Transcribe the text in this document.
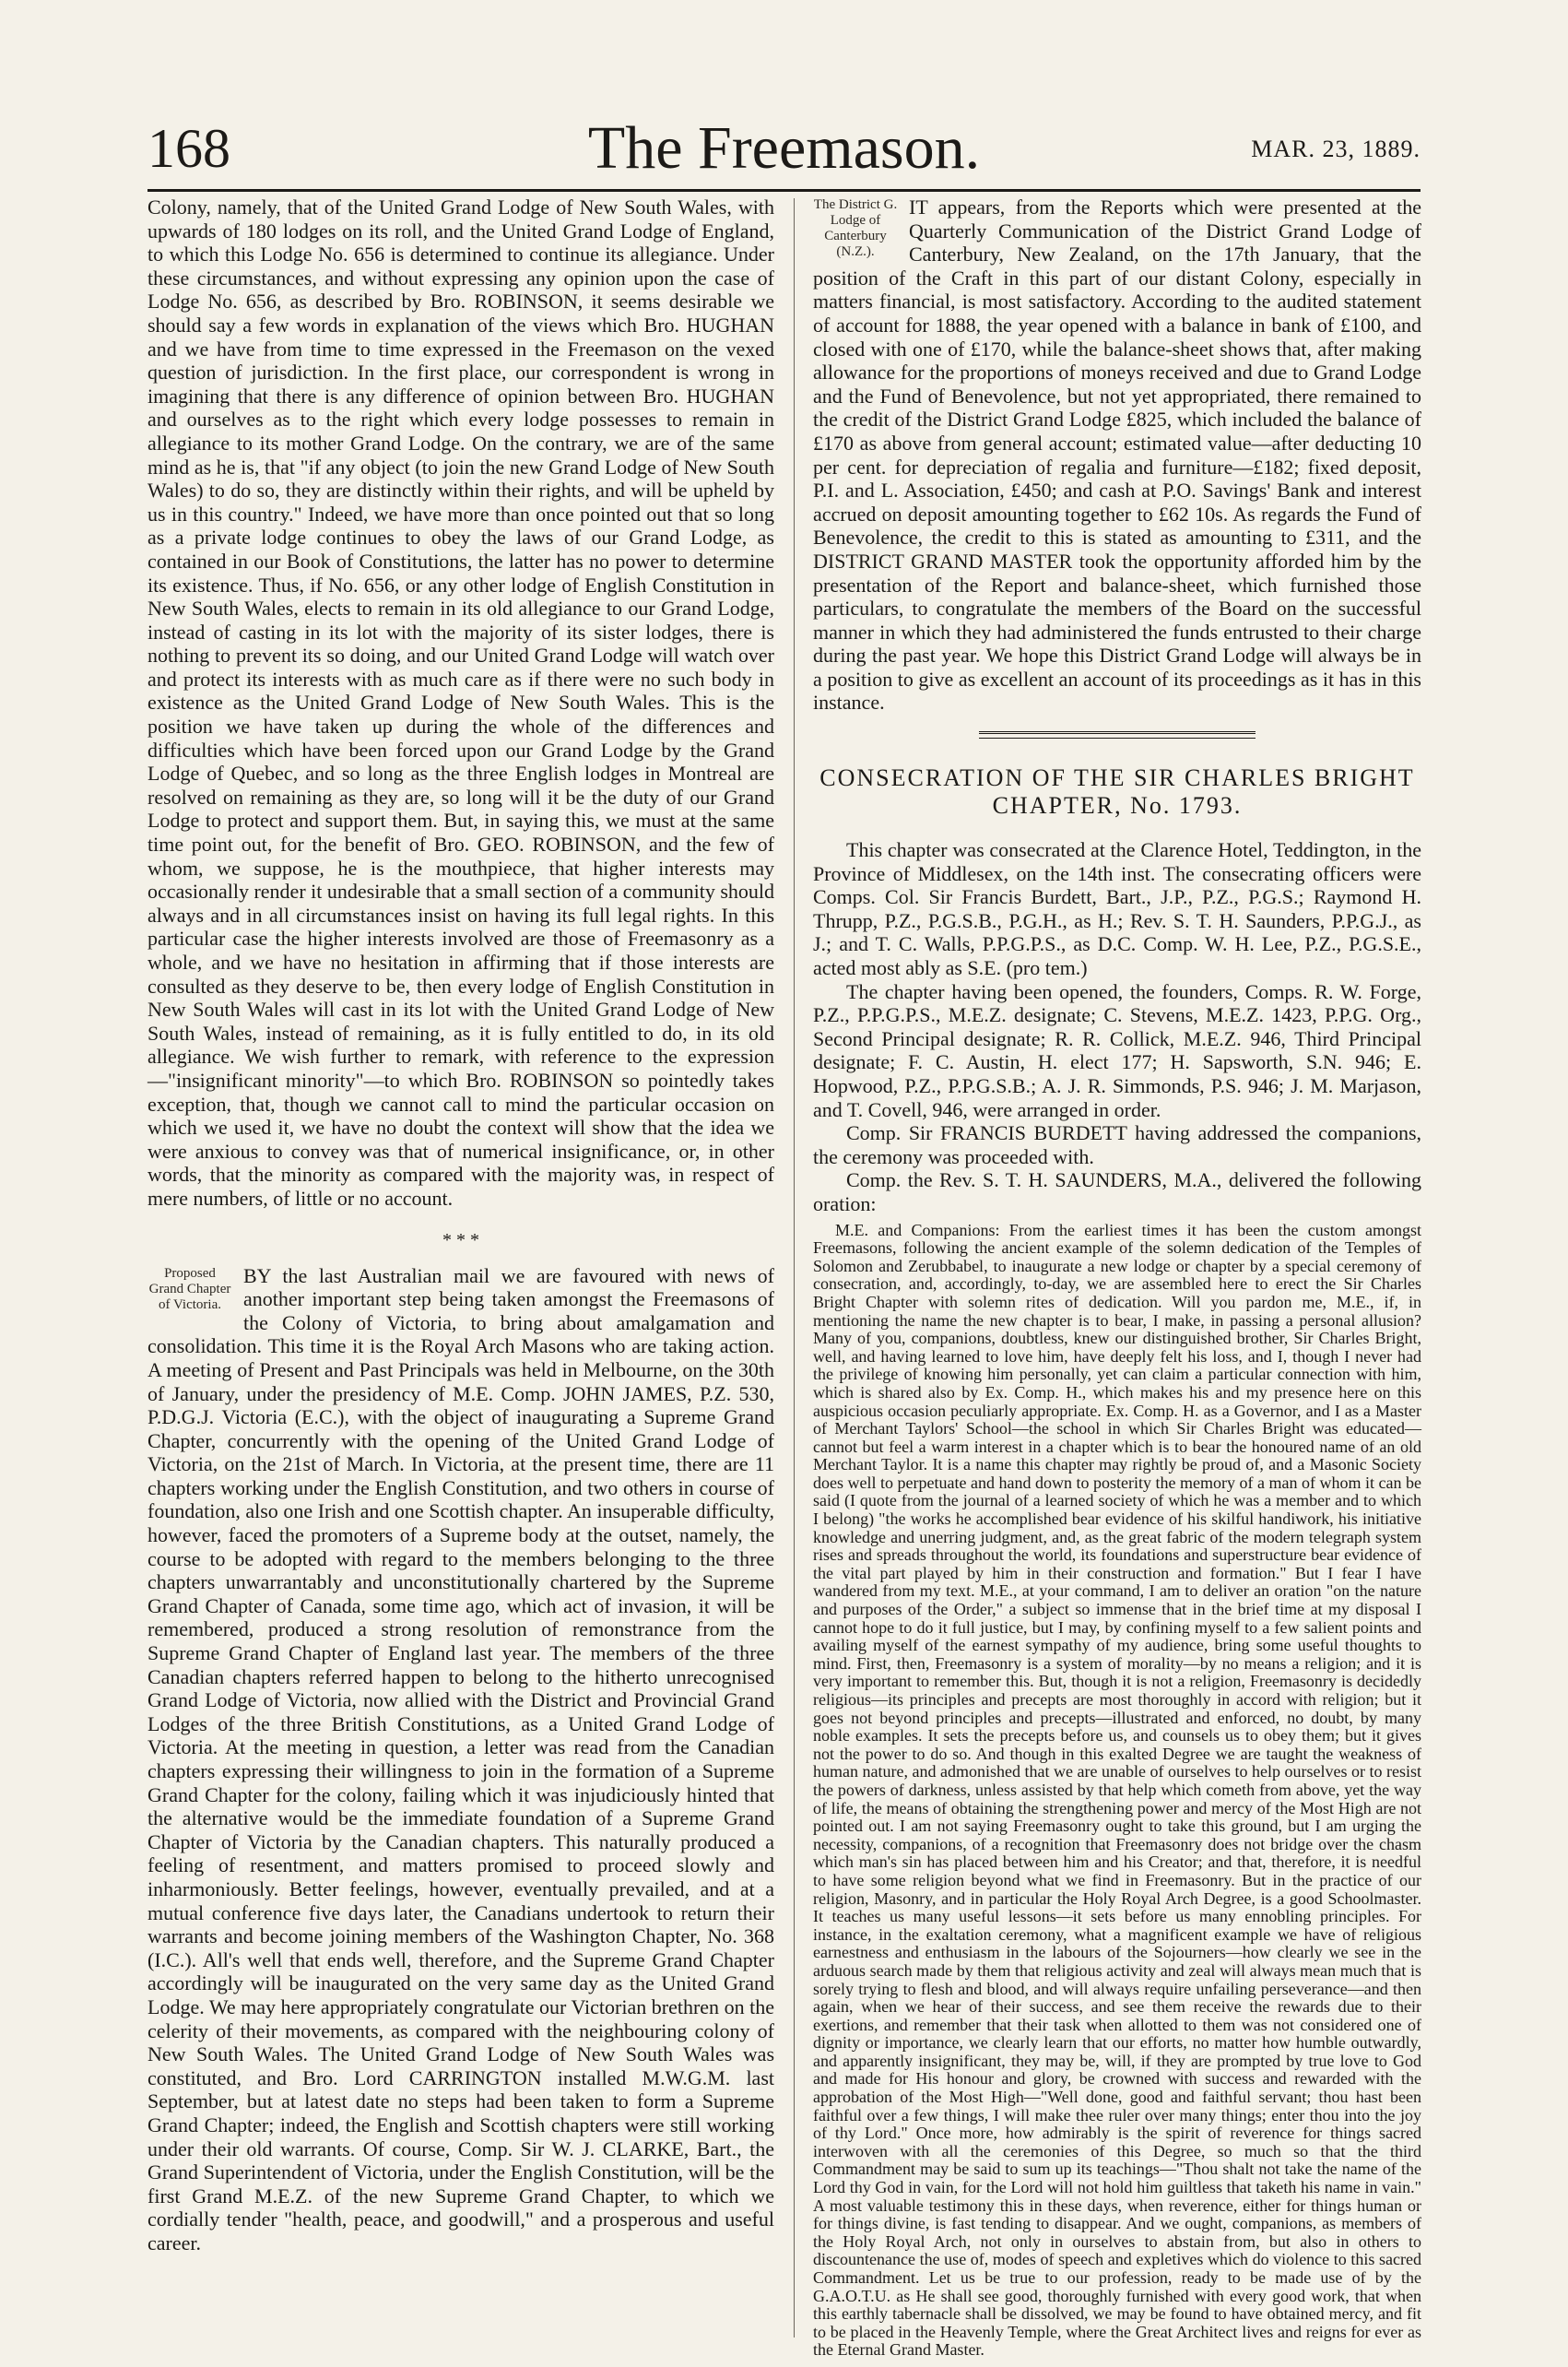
168	The Freemason.	MAR. 23, 1889.

Colony, namely, that of the United Grand Lodge of New South Wales, with upwards of 180 lodges on its roll, and the United Grand Lodge of England, to which this Lodge No. 656 is determined to continue its allegiance. Under these circumstances, and without expressing any opinion upon the case of Lodge No. 656, as described by Bro. ROBINSON, it seems desirable we should say a few words in explanation of the views which Bro. HUGHAN and we have from time to time expressed in the Freemason on the vexed question of jurisdiction. In the first place, our correspondent is wrong in imagining that there is any difference of opinion between Bro. HUGHAN and ourselves as to the right which every lodge possesses to remain in allegiance to its mother Grand Lodge. On the contrary, we are of the same mind as he is, that "if any object (to join the new Grand Lodge of New South Wales) to do so, they are distinctly within their rights, and will be upheld by us in this country." Indeed, we have more than once pointed out that so long as a private lodge continues to obey the laws of our Grand Lodge, as contained in our Book of Constitutions, the latter has no power to determine its existence. Thus, if No. 656, or any other lodge of English Constitution in New South Wales, elects to remain in its old allegiance to our Grand Lodge, instead of casting in its lot with the majority of its sister lodges, there is nothing to prevent its so doing, and our United Grand Lodge will watch over and protect its interests with as much care as if there were no such body in existence as the United Grand Lodge of New South Wales. This is the position we have taken up during the whole of the differences and difficulties which have been forced upon our Grand Lodge by the Grand Lodge of Quebec, and so long as the three English lodges in Montreal are resolved on remaining as they are, so long will it be the duty of our Grand Lodge to protect and support them. But, in saying this, we must at the same time point out, for the benefit of Bro. GEO. ROBINSON, and the few of whom, we suppose, he is the mouthpiece, that higher interests may occasionally render it undesirable that a small section of a community should always and in all circumstances insist on having its full legal rights. In this particular case the higher interests involved are those of Freemasonry as a whole, and we have no hesitation in affirming that if those interests are consulted as they deserve to be, then every lodge of English Constitution in New South Wales will cast in its lot with the United Grand Lodge of New South Wales, instead of remaining, as it is fully entitled to do, in its old allegiance. We wish further to remark, with reference to the expression—"insignificant minority"—to which Bro. ROBINSON so pointedly takes exception, that, though we cannot call to mind the particular occasion on which we used it, we have no doubt the context will show that the idea we were anxious to convey was that of numerical insignificance, or, in other words, that the minority as compared with the majority was, in respect of mere numbers, of little or no account.

* * *

Proposed Grand Chapter of Victoria.
BY the last Australian mail we are favoured with news of another important step being taken amongst the Freemasons of the Colony of Victoria, to bring about amalgamation and consolidation. This time it is the Royal Arch Masons who are taking action. A meeting of Present and Past Principals was held in Melbourne, on the 30th of January, under the presidency of M.E. Comp. JOHN JAMES, P.Z. 530, P.D.G.J. Victoria (E.C.), with the object of inaugurating a Supreme Grand Chapter, concurrently with the opening of the United Grand Lodge of Victoria, on the 21st of March. In Victoria, at the present time, there are 11 chapters working under the English Constitution, and two others in course of foundation, also one Irish and one Scottish chapter. An insuperable difficulty, however, faced the promoters of a Supreme body at the outset, namely, the course to be adopted with regard to the members belonging to the three chapters unwarrantably and unconstitutionally chartered by the Supreme Grand Chapter of Canada, some time ago, which act of invasion, it will be remembered, produced a strong resolution of remonstrance from the Supreme Grand Chapter of England last year. The members of the three Canadian chapters referred happen to belong to the hitherto unrecognised Grand Lodge of Victoria, now allied with the District and Provincial Grand Lodges of the three British Constitutions, as a United Grand Lodge of Victoria. At the meeting in question, a letter was read from the Canadian chapters expressing their willingness to join in the formation of a Supreme Grand Chapter for the colony, failing which it was injudiciously hinted that the alternative would be the immediate foundation of a Supreme Grand Chapter of Victoria by the Canadian chapters. This naturally produced a feeling of resentment, and matters promised to proceed slowly and inharmoniously. Better feelings, however, eventually prevailed, and at a mutual conference five days later, the Canadians undertook to return their warrants and become joining members of the Washington Chapter, No. 368 (I.C.). All's well that ends well, therefore, and the Supreme Grand Chapter accordingly will be inaugurated on the very same day as the United Grand Lodge. We may here appropriately congratulate our Victorian brethren on the celerity of their movements, as compared with the neighbouring colony of New South Wales. The United Grand Lodge of New South Wales was constituted, and Bro. Lord CARRINGTON installed M.W.G.M. last September, but at latest date no steps had been taken to form a Supreme Grand Chapter; indeed, the English and Scottish chapters were still working under their old warrants. Of course, Comp. Sir W. J. CLARKE, Bart., the Grand Superintendent of Victoria, under the English Constitution, will be the first Grand M.E.Z. of the new Supreme Grand Chapter, to which we cordially tender "health, peace, and goodwill," and a prosperous and useful career.

The District G. Lodge of Canterbury (N.Z.).
IT appears, from the Reports which were presented at the Quarterly Communication of the District Grand Lodge of Canterbury, New Zealand, on the 17th January, that the position of the Craft in this part of our distant Colony, especially in matters financial, is most satisfactory. According to the audited statement of account for 1888, the year opened with a balance in bank of £100, and closed with one of £170, while the balance-sheet shows that, after making allowance for the proportions of moneys received and due to Grand Lodge and the Fund of Benevolence, but not yet appropriated, there remained to the credit of the District Grand Lodge £825, which included the balance of £170 as above from general account; estimated value—after deducting 10 per cent. for depreciation of regalia and furniture—£182; fixed deposit, P.I. and L. Association, £450; and cash at P.O. Savings' Bank and interest accrued on deposit amounting together to £62 10s. As regards the Fund of Benevolence, the credit to this is stated as amounting to £311, and the DISTRICT GRAND MASTER took the opportunity afforded him by the presentation of the Report and balance-sheet, which furnished those particulars, to congratulate the members of the Board on the successful manner in which they had administered the funds entrusted to their charge during the past year. We hope this District Grand Lodge will always be in a position to give as excellent an account of its proceedings as it has in this instance.

CONSECRATION OF THE SIR CHARLES BRIGHT CHAPTER, No. 1793.

This chapter was consecrated at the Clarence Hotel, Teddington, in the Province of Middlesex, on the 14th inst. The consecrating officers were Comps. Col. Sir Francis Burdett, Bart., J.P., P.Z., P.G.S.; Raymond H. Thrupp, P.Z., P.G.S.B., P.G.H., as H.; Rev. S. T. H. Saunders, P.P.G.J., as J.; and T. C. Walls, P.P.G.P.S., as D.C. Comp. W. H. Lee, P.Z., P.G.S.E., acted most ably as S.E. (pro tem.)

The chapter having been opened, the founders, Comps. R. W. Forge, P.Z., P.P.G.P.S., M.E.Z. designate; C. Stevens, M.E.Z. 1423, P.P.G. Org., Second Principal designate; R. R. Collick, M.E.Z. 946, Third Principal designate; F. C. Austin, H. elect 177; H. Sapsworth, S.N. 946; E. Hopwood, P.Z., P.P.G.S.B.; A. J. R. Simmonds, P.S. 946; J. M. Marjason, and T. Covell, 946, were arranged in order.

Comp. Sir FRANCIS BURDETT having addressed the companions, the ceremony was proceeded with.

Comp. the Rev. S. T. H. SAUNDERS, M.A., delivered the following oration:

M.E. and Companions: From the earliest times it has been the custom amongst Freemasons, following the ancient example of the solemn dedication of the Temples of Solomon and Zerubbabel, to inaugurate a new lodge or chapter by a special ceremony of consecration, and, accordingly, to-day, we are assembled here to erect the Sir Charles Bright Chapter with solemn rites of dedication. Will you pardon me, M.E., if, in mentioning the name the new chapter is to bear, I make, in passing a personal allusion? Many of you, companions, doubtless, knew our distinguished brother, Sir Charles Bright, well, and having learned to love him, have deeply felt his loss, and I, though I never had the privilege of knowing him personally, yet can claim a particular connection with him, which is shared also by Ex. Comp. H., which makes his and my presence here on this auspicious occasion peculiarly appropriate. Ex. Comp. H. as a Governor, and I as a Master of Merchant Taylors' School—the school in which Sir Charles Bright was educated—cannot but feel a warm interest in a chapter which is to bear the honoured name of an old Merchant Taylor. It is a name this chapter may rightly be proud of, and a Masonic Society does well to perpetuate and hand down to posterity the memory of a man of whom it can be said (I quote from the journal of a learned society of which he was a member and to which I belong) "the works he accomplished bear evidence of his skilful handiwork, his initiative knowledge and unerring judgment, and, as the great fabric of the modern telegraph system rises and spreads throughout the world, its foundations and superstructure bear evidence of the vital part played by him in their construction and formation." But I fear I have wandered from my text. M.E., at your command, I am to deliver an oration "on the nature and purposes of the Order," a subject so immense that in the brief time at my disposal I cannot hope to do it full justice, but I may, by confining myself to a few salient points and availing myself of the earnest sympathy of my audience, bring some useful thoughts to mind. First, then, Freemasonry is a system of morality—by no means a religion; and it is very important to remember this. But, though it is not a religion, Freemasonry is decidedly religious—its principles and precepts are most thoroughly in accord with religion; but it goes not beyond principles and precepts—illustrated and enforced, no doubt, by many noble examples. It sets the precepts before us, and counsels us to obey them; but it gives not the power to do so. And though in this exalted Degree we are taught the weakness of human nature, and admonished that we are unable of ourselves to help ourselves or to resist the powers of darkness, unless assisted by that help which cometh from above, yet the way of life, the means of obtaining the strengthening power and mercy of the Most High are not pointed out. I am not saying Freemasonry ought to take this ground, but I am urging the necessity, companions, of a recognition that Freemasonry does not bridge over the chasm which man's sin has placed between him and his Creator; and that, therefore, it is needful to have some religion beyond what we find in Freemasonry. But in the practice of our religion, Masonry, and in particular the Holy Royal Arch Degree, is a good Schoolmaster. It teaches us many useful lessons—it sets before us many ennobling principles. For instance, in the exaltation ceremony, what a magnificent example we have of religious earnestness and enthusiasm in the labours of the Sojourners—how clearly we see in the arduous search made by them that religious activity and zeal will always mean much that is sorely trying to flesh and blood, and will always require unfailing perseverance—and then again, when we hear of their success, and see them receive the rewards due to their exertions, and remember that their task when allotted to them was not considered one of dignity or importance, we clearly learn that our efforts, no matter how humble outwardly, and apparently insignificant, they may be, will, if they are prompted by true love to God and made for His honour and glory, be crowned with success and rewarded with the approbation of the Most High—"Well done, good and faithful servant; thou hast been faithful over a few things, I will make thee ruler over many things; enter thou into the joy of thy Lord." Once more, how admirably is the spirit of reverence for things sacred interwoven with all the ceremonies of this Degree, so much so that the third Commandment may be said to sum up its teachings—"Thou shalt not take the name of the Lord thy God in vain, for the Lord will not hold him guiltless that taketh his name in vain." A most valuable testimony this in these days, when reverence, either for things human or for things divine, is fast tending to disappear. And we ought, companions, as members of the Holy Royal Arch, not only in ourselves to abstain from, but also in others to discountenance the use of, modes of speech and expletives which do violence to this sacred Commandment. Let us be true to our profession, ready to be made use of by the G.A.O.T.U. as He shall see good, thoroughly furnished with every good work, that when this earthly tabernacle shall be dissolved, we may be found to have obtained mercy, and fit to be placed in the Heavenly Temple, where the Great Architect lives and reigns for ever as the Eternal Grand Master.
